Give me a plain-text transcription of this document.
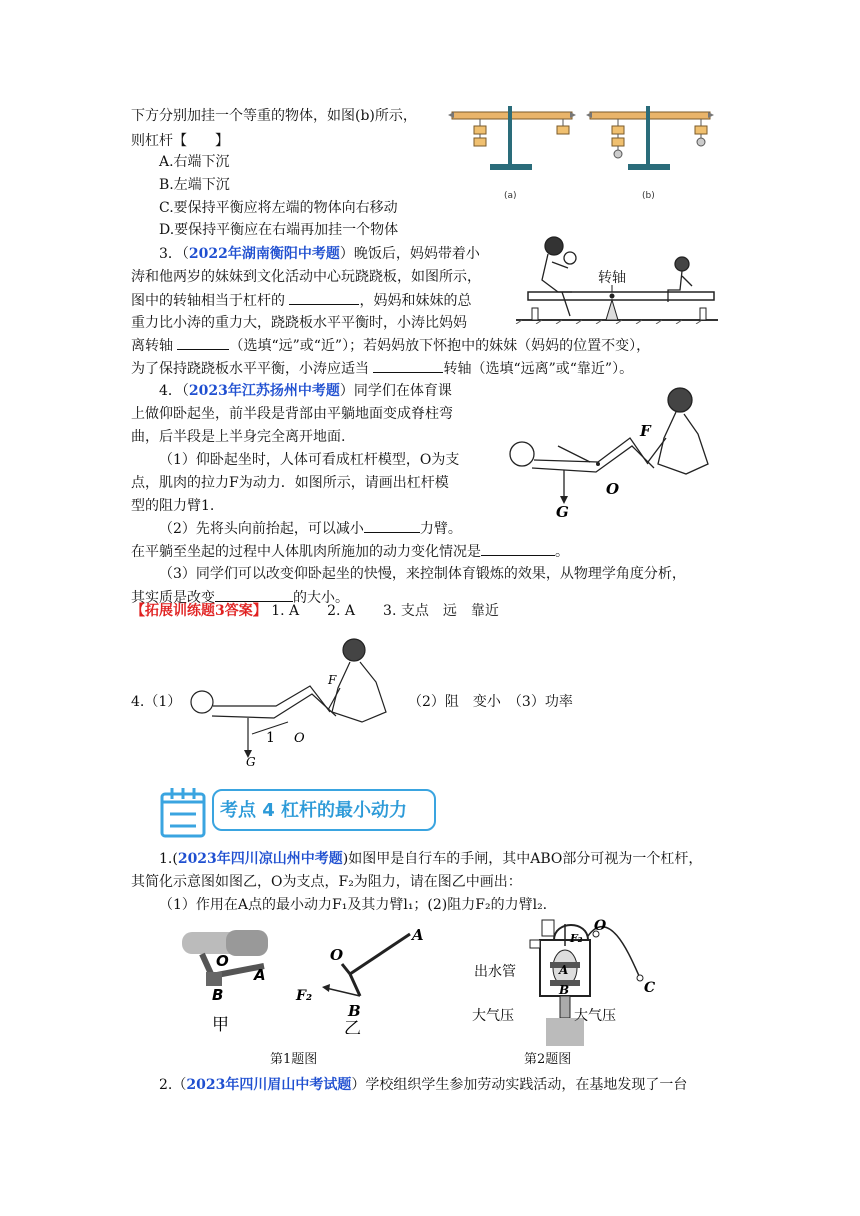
下方分别加挂一个等重的物体，如图(b)所示，
则杠杆【　　】
A.右端下沉
B.左端下沉
C.要保持平衡应将左端的物体向右移动
D.要保持平衡应在右端再加挂一个物体
(a)	(b)
3．（2022年湖南衡阳中考题）晚饭后，妈妈带着小
涛和他两岁的妹妹到文化活动中心玩跷跷板，如图所示，
图中的转轴相当于杠杆的	，妈妈和妹妹的总
重力比小涛的重力大，跷跷板水平平衡时，小涛比妈妈
离转轴	（选填“远”或“近”）；若妈妈放下怀抱中的妹妹（妈妈的位置不变），
为了保持跷跷板水平平衡，小涛应适当	转轴（选填“远离”或“靠近”）。
转轴
4．（2023年江苏扬州中考题）同学们在体育课
上做仰卧起坐，前半段是背部由平躺地面变成脊柱弯
曲，后半段是上半身完全离开地面.
（1）仰卧起坐时，人体可看成杠杆模型，O为支
点，肌肉的拉力F为动力．如图所示，请画出杠杆模
型的阻力臂1.
（2）先将头向前抬起，可以减小	力臂。
在平躺至坐起的过程中人体肌肉所施加的动力变化情况是	。
（3）同学们可以改变仰卧起坐的快慢，来控制体育锻炼的效果，从物理学角度分析，
其实质是改变	的大小。
F
O
G
【拓展训练题3答案】 1. A　　2. A　　3. 支点　远　靠近
4.（1）
F
1 O
G
（2）阻　变小　（3）功率
考点 4 杠杆的最小动力
1.(2023年四川凉山州中考题)如图甲是自行车的手闸，其中ABO部分可视为一个杠杆，
其简化示意图如图乙，O为支点，F₂为阻力，请在图乙中画出：
（1）作用在A点的最小动力F₁及其力臂l₁；(2)阻力F₂的力臂l₂.
O
A
B
甲
A
O
B
F₂
乙
第1题图
F₂
O
A
B	C
出水管
大气压	大气压
第2题图
2.（2023年四川眉山中考试题）学校组织学生参加劳动实践活动，在基地发现了一台
